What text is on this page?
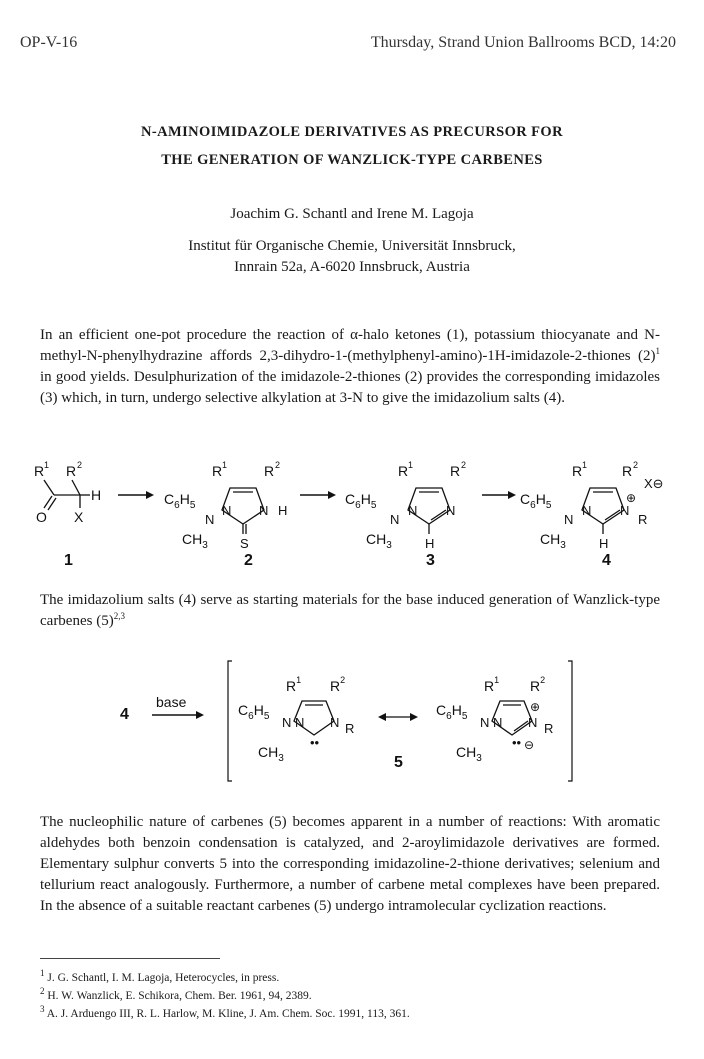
OP-V-16	Thursday, Strand Union Ballrooms BCD, 14:20
N-AMINOIMIDAZOLE DERIVATIVES AS PRECURSOR FOR
THE GENERATION OF WANZLICK-TYPE CARBENES
Joachim G. Schantl and Irene M. Lagoja
Institut für Organische Chemie, Universität Innsbruck,
Innrain 52a, A-6020 Innsbruck, Austria
In an efficient one-pot procedure the reaction of α-halo ketones (1), potassium thiocyanate and N-methyl-N-phenylhydrazine affords 2,3-dihydro-1-(methylphenyl-amino)-1H-imidazole-2-thiones $(2)^1$ in good yields. Desulphurization of the imidazole-2-thiones (2) provides the corresponding imidazoles (3) which, in turn, undergo selective alkylation at 3-N to give the imidazolium salts (4).
R 1 R 2
H
O X
1
R 1	R 2
N N H
S
$C_6H_5$
N
$CH_3$
2
R 1	R 2
N N
H
$C_6H_5$
N
$CH_3$
3
R 1 R 2
N N
⊕
R
X⊖
H
$C_6H_5$
N
$CH_3$
4
The imidazolium salts (4) serve as starting materials for the base induced generation of Wanzlick-type carbenes $(5)^{2,3}$
4
base
$R^1$ $R^2$
$C_6H_5$ N N N R
••
$CH_3$
$R^1$ $R^2$
$C_6H_5$ N N N
⊕
R
•• ⊖
$CH_3$
5
The nucleophilic nature of carbenes (5) becomes apparent in a number of reactions: With aromatic aldehydes both benzoin condensation is catalyzed, and 2-aroylimidazole derivatives are formed. Elementary sulphur converts 5 into the corresponding imidazoline-2-thione derivatives; selenium and tellurium react analogously. Furthermore, a number of carbene metal complexes have been prepared. In the absence of a suitable reactant carbenes (5) undergo intramolecular cyclization reactions.
$^1$ J. G. Schantl, I. M. Lagoja, Heterocycles, in press.
$^2$ H. W. Wanzlick, E. Schikora, Chem. Ber. 1961, 94, 2389.
$^3$ A. J. Arduengo III, R. L. Harlow, M. Kline, J. Am. Chem. Soc. 1991, 113, 361.
